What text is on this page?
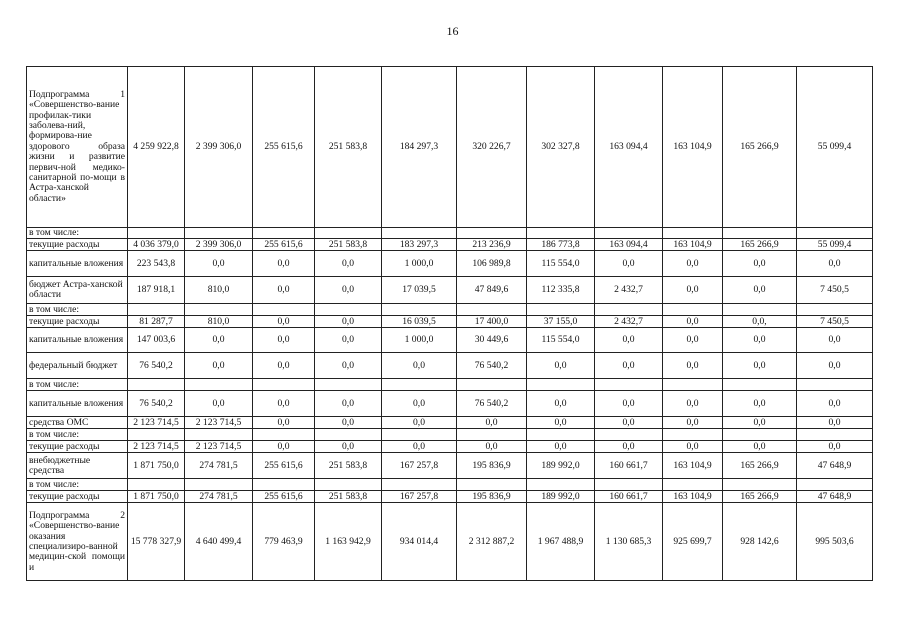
16
Подпрограмма 1 «Совершенство-вание профилак-тики заболева-ний, формирова-ние здорового образа жизни и развитие первич-ной медико-санитарной по-мощи в Астра-ханской области»	4 259 922,8	2 399 306,0	255 615,6	251 583,8	184 297,3	320 226,7	302 327,8	163 094,4	163 104,9	165 266,9	55 099,4
в том числе:											
текущие расходы	4 036 379,0	2 399 306,0	255 615,6	251 583,8	183 297,3	213 236,9	186 773,8	163 094,4	163 104,9	165 266,9	55 099,4
капитальные вложения	223 543,8	0,0	0,0	0,0	1 000,0	106 989,8	115 554,0	0,0	0,0	0,0	0,0
бюджет Астра-ханской области	187 918,1	810,0	0,0	0,0	17 039,5	47 849,6	112 335,8	2 432,7	0,0	0,0	7 450,5
в том числе:											
текущие расходы	81 287,7	810,0	0,0	0,0	16 039,5	17 400,0	37 155,0	2 432,7	0,0	0,0,	7 450,5
капитальные вложения	147 003,6	0,0	0,0	0,0	1 000,0	30 449,6	115 554,0	0,0	0,0	0,0	0,0
федеральный бюджет	76 540,2	0,0	0,0	0,0	0,0	76 540,2	0,0	0,0	0,0	0,0	0,0
в том числе:											
капитальные вложения	76 540,2	0,0	0,0	0,0	0,0	76 540,2	0,0	0,0	0,0	0,0	0,0
средства ОМС	2 123 714,5	2 123 714,5	0,0	0,0	0,0	0,0	0,0	0,0	0,0	0,0	0,0
в том числе:											
текущие расходы	2 123 714,5	2 123 714,5	0,0	0,0	0,0	0,0	0,0	0,0	0,0	0,0	0,0
внебюджетные средства	1 871 750,0	274 781,5	255 615,6	251 583,8	167 257,8	195 836,9	189 992,0	160 661,7	163 104,9	165 266,9	47 648,9
в том числе:											
текущие расходы	1 871 750,0	274 781,5	255 615,6	251 583,8	167 257,8	195 836,9	189 992,0	160 661,7	163 104,9	165 266,9	47 648,9
Подпрограмма 2 «Совершенство-вание оказания специализиро-ванной медицин-ской помощи и	15 778 327,9	4 640 499,4	779 463,9	1 163 942,9	934 014,4	2 312 887,2	1 967 488,9	1 130 685,3	925 699,7	928 142,6	995 503,6
